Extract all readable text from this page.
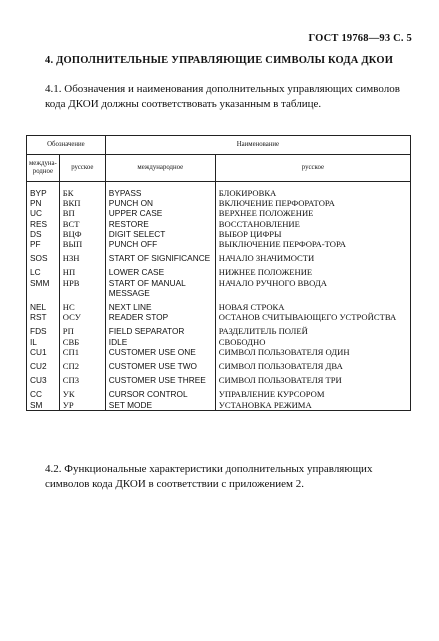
ГОСТ 19768—93 С. 5
4. ДОПОЛНИТЕЛЬНЫЕ УПРАВЛЯЮЩИЕ СИМВОЛЫ КОДА ДКОИ
4.1. Обозначения и наименования дополнительных управляющих символов кода ДКОИ должны соответствовать указанным в таблице.
Обозначение		Наименование	
междуна-родное	русское	международное	русское
BYP	БК	BYPASS	БЛОКИРОВКА
PN	ВКП	PUNCH ON	ВКЛЮЧЕНИЕ ПЕРФОРАТОРА
UC	ВП	UPPER CASE	ВЕРХНЕЕ ПОЛОЖЕНИЕ
RES	ВСТ	RESTORE	ВОССТАНОВЛЕНИЕ
DS	ВЦФ	DIGIT SELECT	ВЫБОР ЦИФРЫ
PF	ВЫП	PUNCH OFF	ВЫКЛЮЧЕНИЕ ПЕРФОРА-ТОРА
SOS	НЗН	START OF SIGNIFICANCE	НАЧАЛО ЗНАЧИМОСТИ
LC	НП	LOWER CASE	НИЖНЕЕ ПОЛОЖЕНИЕ
SMM	НРВ	START OF MANUAL MESSAGE	НАЧАЛО РУЧНОГО ВВОДА
NEL	НС	NEXT LINE	НОВАЯ СТРОКА
RST	ОСУ	READER STOP	ОСТАНОВ СЧИТЫВАЮЩЕГО УСТРОЙСТВА
FDS	РП	FIELD SEPARATOR	РАЗДЕЛИТЕЛЬ ПОЛЕЙ
IL	СВБ	IDLE	СВОБОДНО
CU1	СП1	CUSTOMER USE ONE	СИМВОЛ ПОЛЬЗОВАТЕЛЯ ОДИН
CU2	СП2	CUSTOMER USE TWO	СИМВОЛ ПОЛЬЗОВАТЕЛЯ ДВА
CU3	СП3	CUSTOMER USE THREE	СИМВОЛ ПОЛЬЗОВАТЕЛЯ ТРИ
CC	УК	CURSOR CONTROL	УПРАВЛЕНИЕ КУРСОРОМ
SM	УР	SET MODE	УСТАНОВКА РЕЖИМА
4.2. Функциональные характеристики дополнительных управляющих символов кода ДКОИ в соответствии с приложением 2.
